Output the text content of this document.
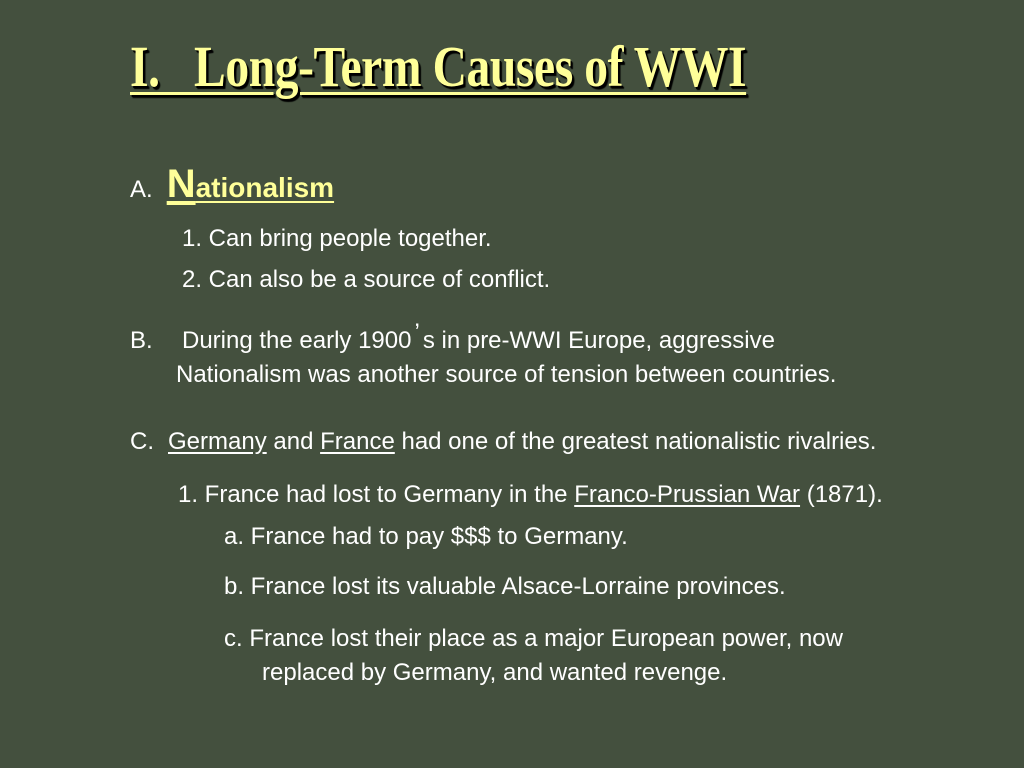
I.   Long-Term Causes of WWI
A. Nationalism

1. Can bring people together.

2. Can also be a source of conflict.

B. During the early 1900 ’ s in pre-WWI Europe, aggressive

Nationalism was another source of tension between countries.

C. Germany and France had one of the greatest nationalistic rivalries.

1. France had lost to Germany in the Franco-Prussian War (1871).

a. France had to pay $$$ to Germany.

b. France lost its valuable Alsace-Lorraine provinces.

c. France lost their place as a major European power, now

replaced by Germany, and wanted revenge.
